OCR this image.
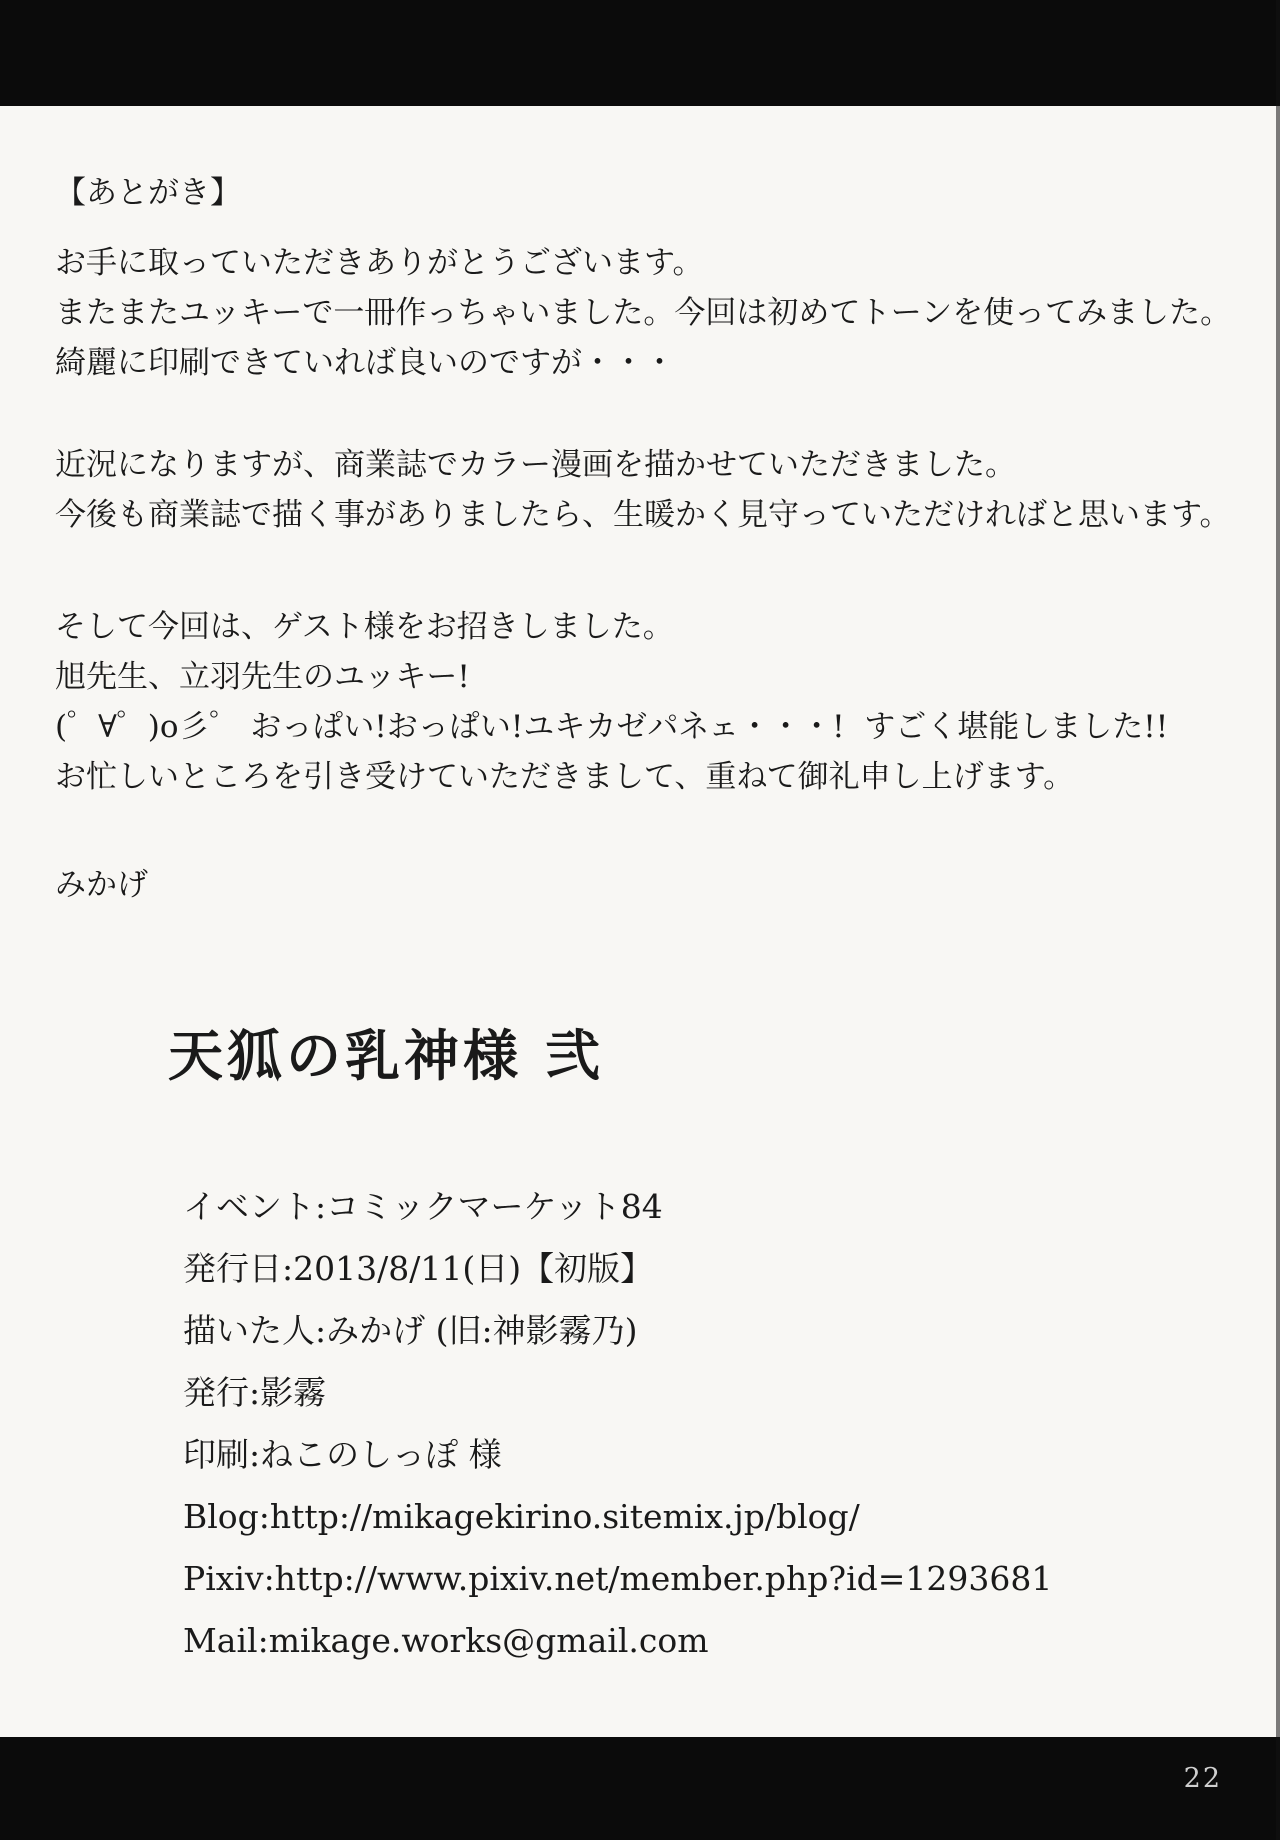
【あとがき】
お手に取っていただきありがとうございます。
またまたユッキーで一冊作っちゃいました。今回は初めてトーンを使ってみました。
綺麗に印刷できていれば良いのですが・・・
近況になりますが、商業誌でカラー漫画を描かせていただきました。
今後も商業誌で描く事がありましたら、生暖かく見守っていただければと思います。
そして今回は、ゲスト様をお招きしました。
旭先生、立羽先生のユッキー!
(゜∀゜)o彡゜ おっぱい!おっぱい!ユキカゼパネェ・・・!  すごく堪能しました!!
お忙しいところを引き受けていただきまして、重ねて御礼申し上げます。
みかげ
天狐の乳神様 弐
イベント:コミックマーケット84
発行日:2013/8/11(日)【初版】
描いた人:みかげ (旧:神影霧乃)
発行:影霧
印刷:ねこのしっぽ 様
Blog:http://mikagekirino.sitemix.jp/blog/
Pixiv:http://www.pixiv.net/member.php?id=1293681
Mail:mikage.works@gmail.com
22
